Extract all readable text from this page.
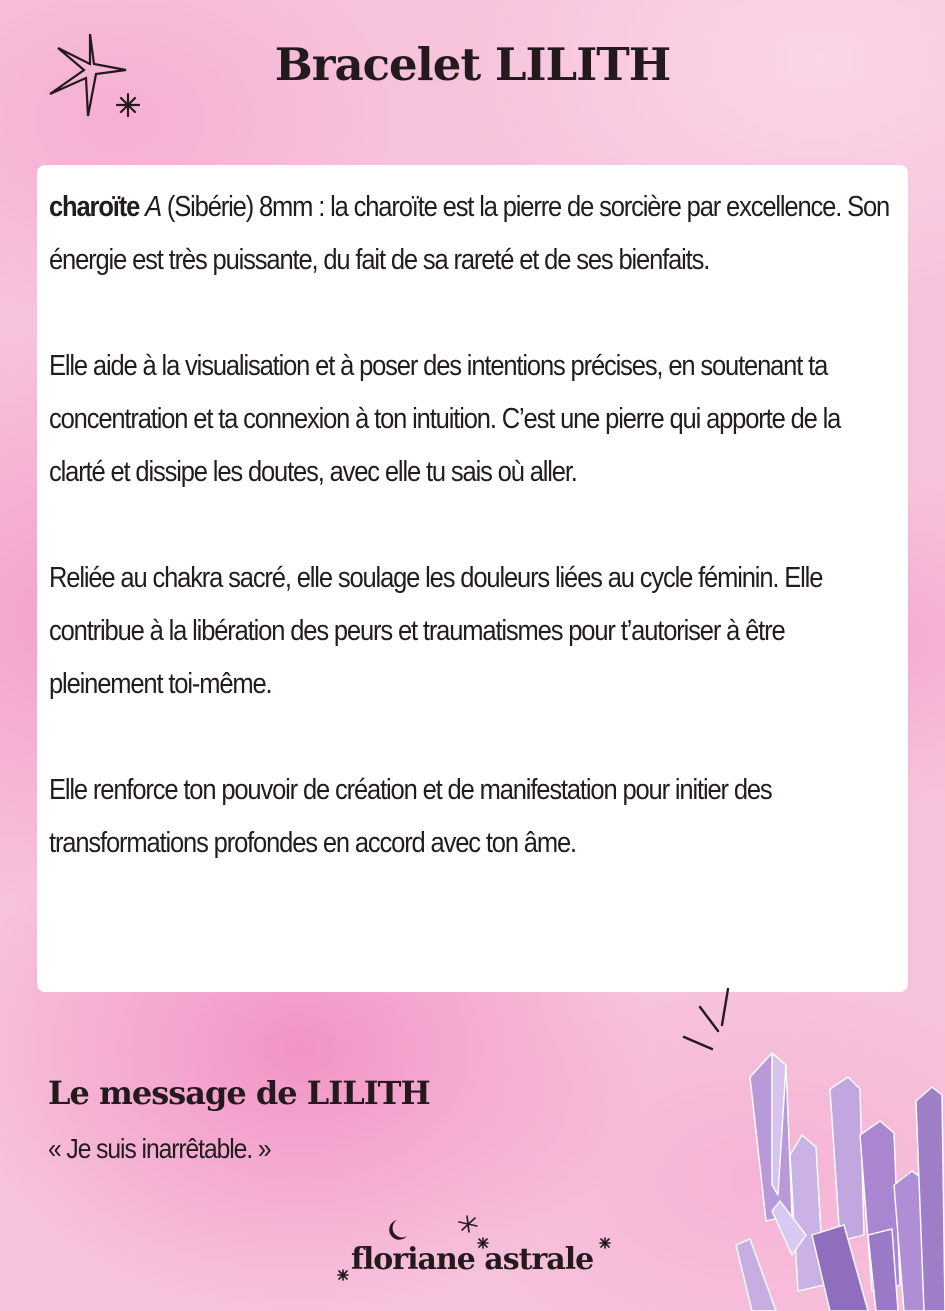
Bracelet LILITH

charoïte A (Sibérie) 8mm : la charoïte est la pierre de sorcière par excellence. Son énergie est très puissante, du fait de sa rareté et de ses bienfaits.

Elle aide à la visualisation et à poser des intentions précises, en soutenant ta concentration et ta connexion à ton intuition. C’est une pierre qui apporte de la clarté et dissipe les doutes, avec elle tu sais où aller.

Reliée au chakra sacré, elle soulage les douleurs liées au cycle féminin. Elle contribue à la libération des peurs et traumatismes pour t’autoriser à être pleinement toi-même.

Elle renforce ton pouvoir de création et de manifestation pour initier des transformations profondes en accord avec ton âme.

Le message de LILITH
« Je suis inarrêtable. »
floriane astrale
